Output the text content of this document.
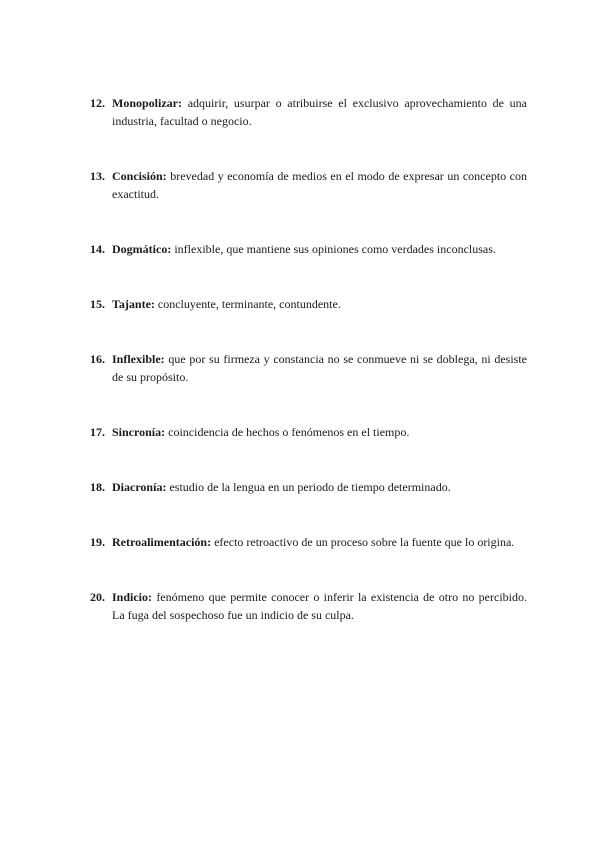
12. Monopolizar: adquirir, usurpar o atribuirse el exclusivo aprovechamiento de una industria, facultad o negocio.
13. Concisión: brevedad y economía de medios en el modo de expresar un concepto con exactitud.
14. Dogmático: inflexible, que mantiene sus opiniones como verdades inconclusas.
15. Tajante: concluyente, terminante, contundente.
16. Inflexible: que por su firmeza y constancia no se conmueve ni se doblega, ni desiste de su propósito.
17. Sincronía: coincidencia de hechos o fenómenos en el tiempo.
18. Diacronía: estudio de la lengua en un periodo de tiempo determinado.
19. Retroalimentación: efecto retroactivo de un proceso sobre la fuente que lo origina.
20. Indicio: fenómeno que permite conocer o inferir la existencia de otro no percibido. La fuga del sospechoso fue un indicio de su culpa.
